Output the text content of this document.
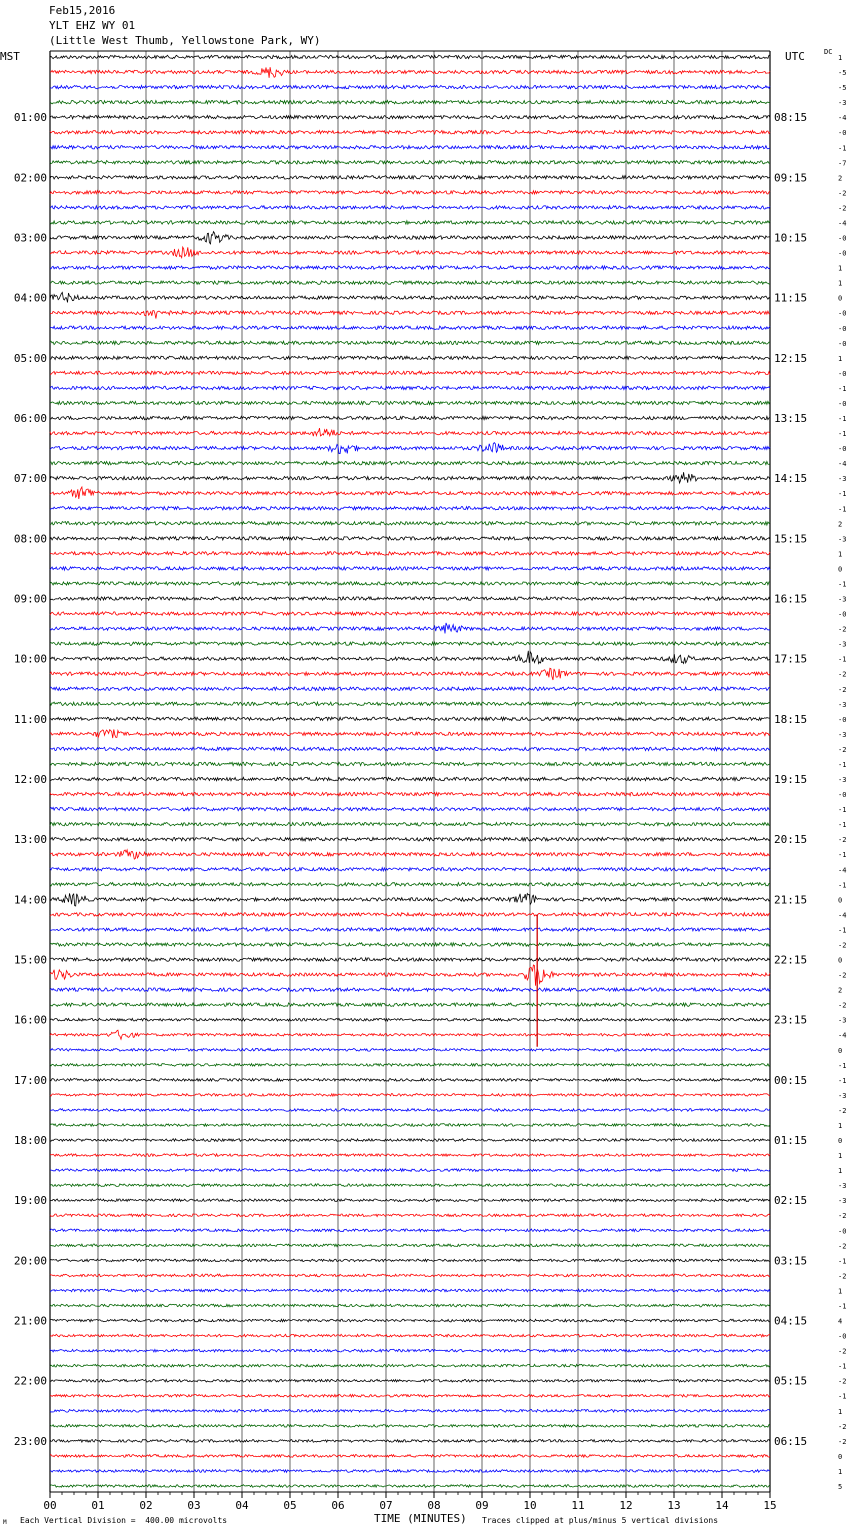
Feb15,2016
YLT EHZ WY 01
(Little West Thumb, Yellowstone Park, WY)
MST	UTC	DC
01:00
02:00
03:00
04:00
05:00
06:00
07:00
08:00
09:00
10:00
11:00
12:00
13:00
14:00
15:00
16:00
17:00
18:00
19:00
20:00
21:00
22:00
23:00
08:15
09:15
10:15
11:15
12:15
13:15
14:15
15:15
16:15
17:15
18:15
19:15
20:15
21:15
22:15
23:15
00:15
01:15
02:15
03:15
04:15
05:15
06:15
1
-5
-5
-3
-4
-0
-1
-7
2
-2
-2
-4
-0
-0
1
1
0
-0
-0
-0
1
-0
-1
-0
-1
-1
-0
-4
-3
-1
-1
2
-3
1
0
-1
-3
-0
-2
-3
-1
-2
-2
-3
-0
-3
-2
-1
-3
-0
-1
-1
-2
-1
-4
-1
0
-4
-1
-2
0
-2
2
-2
-3
-4
0
-1
-1
-3
-2
1
0
1
1
-3
-3
-2
-0
-2
-1
-2
1
-1
4
-0
-2
-1
-2
-1
1
-2
-2
0
1
5
00	01	02	03	04	05	06	07	08	09	10	11	12	13	14	15
M Each Vertical Division =  400.00 microvolts	TIME (MINUTES) Traces clipped at plus/minus 5 vertical divisions
